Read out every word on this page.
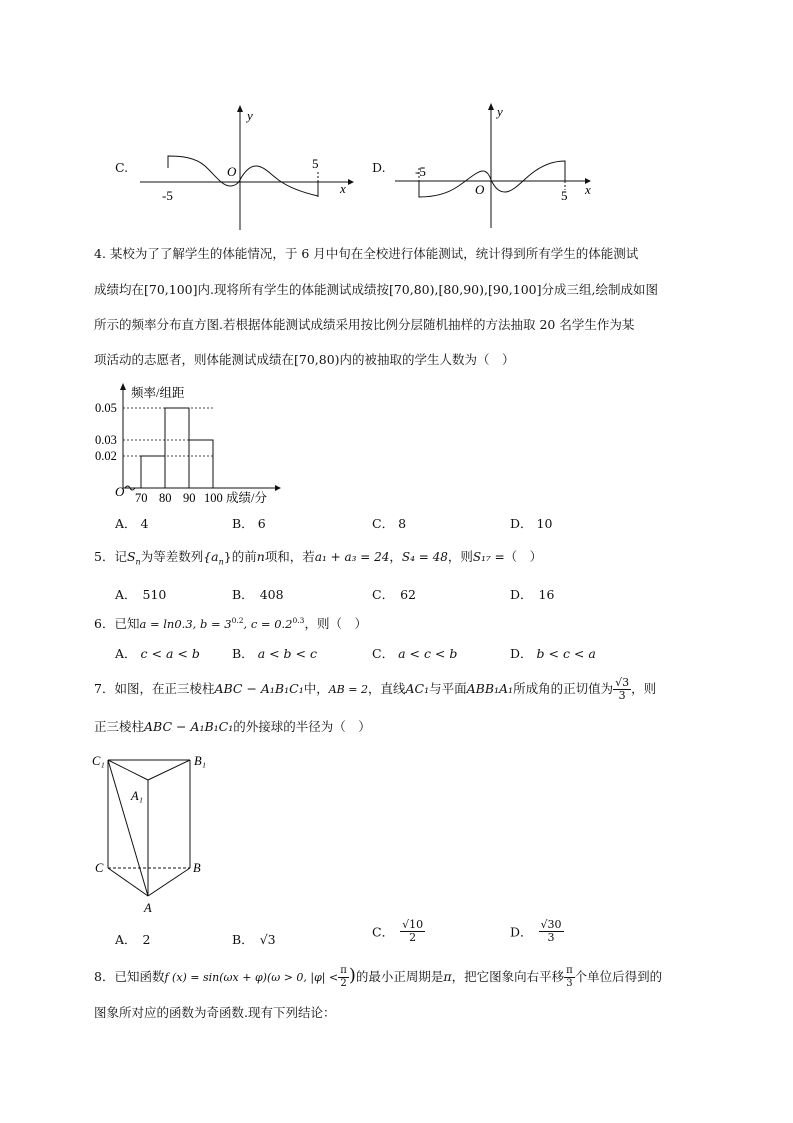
C.
-5
5
O
x
y
D. -5
5
O	x
y
4. 某校为了了解学生的体能情况，于 6 月中旬在全校进行体能测试，统计得到所有学生的体能测试
成绩均在[70,100]内.现将所有学生的体能测试成绩按[70,80),[80,90),[90,100]分成三组,绘制成如图
所示的频率分布直方图.若根据体能测试成绩采用按比例分层随机抽样的方法抽取 20 名学生作为某
项活动的志愿者，则体能测试成绩在[70,80)内的被抽取的学生人数为（　）
O
频率/组距
成绩/分
70 80 90 100
0.02
0.03
0.05
A． 4	B． 6	C． 8	D． 10
5．记$S_n$为等差数列$\{a_n\}$的前n项和，若a₁ + a₃ = 24，S₄ = 48，则S₁₇ =（　）
A． 510	B． 408	C． 62	D． 16
6．已知a = ln0.3, $b = 3^{0.2}$, $c = 0.2^{0.3}$，则（　）
A． c < a < b	B． a < b < c	C． a < c < b	D． b < c < a
7．如图，在正三棱柱ABC − A₁B₁C₁中，AB = 2，直线AC₁与平面ABB₁A₁所成角的正切值为 $\frac{√3}{3}$ ，则
正三棱柱ABC − A₁B₁C₁的外接球的半径为（　）
C₁	B₁
A₁
C	B
A
A． 2	B． √3	C． $\frac{√10}{2}$	D． $\frac{√30}{3}$
8．已知函数f (x) = sin(ωx + φ)(ω > 0, $|\varphi| < \frac{\pi}{2}$ )的最小正周期是π，把它图象向右平移 $\frac{\pi}{3}$ 个单位后得到的
图象所对应的函数为奇函数.现有下列结论：
